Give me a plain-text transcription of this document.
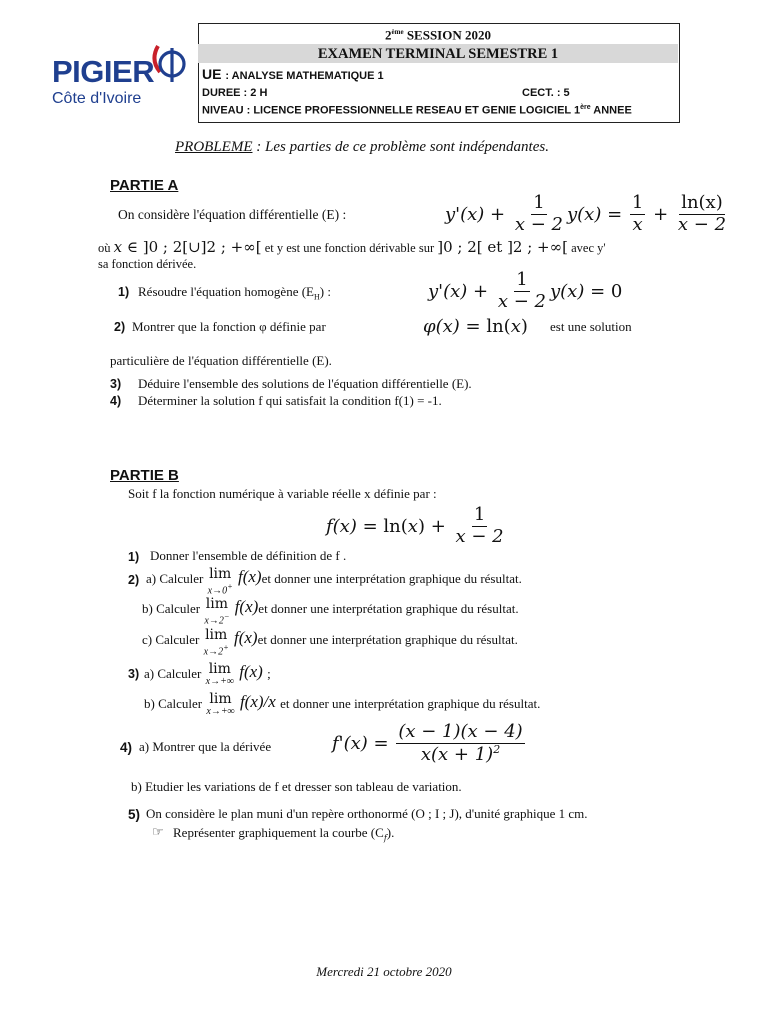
PIGIER
Côte d'Ivoire
2ème SESSION 2020
EXAMEN TERMINAL SEMESTRE 1
UE : ANALYSE MATHEMATIQUE 1
DUREE : 2 H	CECT. : 5
NIVEAU : LICENCE PROFESSIONNELLE RESEAU ET GENIE LOGICIEL 1ère ANNEE
PROBLEME : Les parties de ce problème sont indépendantes.
PARTIE A
On considère l'équation différentielle (E) :	$y'(x) + \frac{1}{x - 2} y(x)$ =
$\frac{1}{x} + \frac{\ln(x)}{x - 2}$
où x ∈ ]0 ; 2[∪]2 ; +∞[ et y est une fonction dérivable sur ]0 ; 2[ et ]2 ; +∞[ avec y'
sa fonction dérivée.
1) Résoudre l'équation homogène $(E_H)$ :	$y'(x) + \frac{1}{x - 2} y(x) = 0$
2) Montrer que la fonction φ définie par	φ(x) = ln(x) est une solution
particulière de l'équation différentielle (E).
3) Déduire l'ensemble des solutions de l'équation différentielle (E).
4) Déterminer la solution f qui satisfait la condition f(1) = -1.
PARTIE B
Soit f la fonction numérique à variable réelle x définie par :
f(x) = ln( x ) + $\frac{1}{x - 2}$
1) Donner l'ensemble de définition de f .
2) a) Calculer
lim
x→0+
f(x) et donner une interprétation graphique du résultat.
b) Calculer
lim
x→2−
f(x) et donner une interprétation graphique du résultat.
c) Calculer
lim
x→2+
f(x) et donner une interprétation graphique du résultat.
3) a) Calculer
lim
x→+∞
f(x) ;
b) Calculer
lim
x→+∞
f(x)/x et donner une interprétation graphique du résultat.
4) a) Montrer que la dérivée	f'(x) =
$\frac{(x - 1)(x - 4)}{x(x + 1)^2}$
b) Etudier les variations de f et dresser son tableau de variation.
5) On considère le plan muni d'un repère orthonormé (O ; I ; J), d'unité graphique 1 cm.
☞ Représenter graphiquement la courbe $(C_f)$.
Mercredi 21 octobre 2020
